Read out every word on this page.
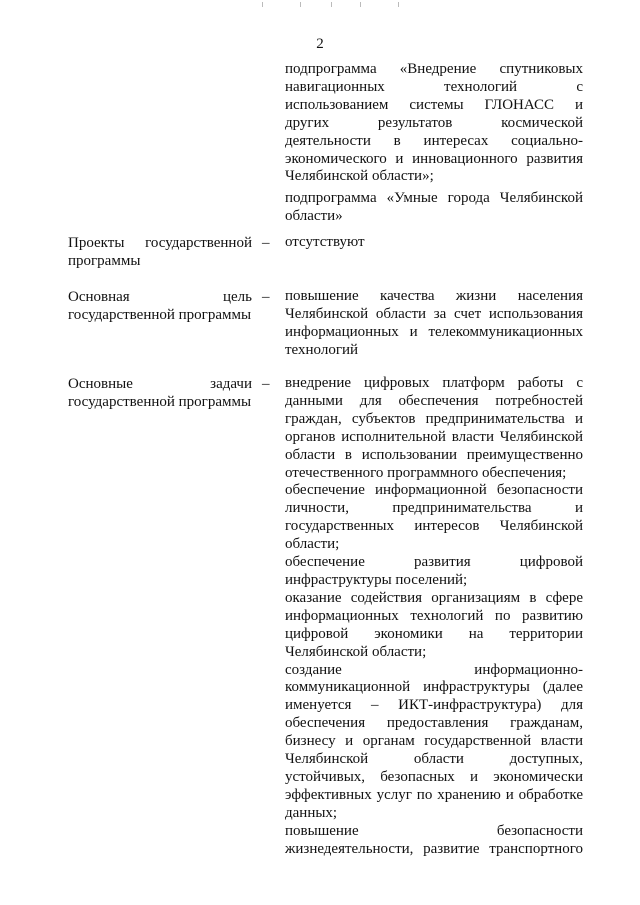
2
подпрограмма «Внедрение спутниковых
навигационных технологий с
использованием системы ГЛОНАСС и
других результатов космической
деятельности в интересах социально-
экономического и инновационного развития
Челябинской области»;
подпрограмма «Умные города Челябинской
области»
Проекты государственной
программы
– отсутствуют
Основная цель
государственной программы
– повышение качества жизни населения
Челябинской области за счет использования
информационных и телекоммуникационных
технологий
Основные задачи
государственной программы
– внедрение цифровых платформ работы с
данными для обеспечения потребностей
граждан, субъектов предпринимательства и
органов исполнительной власти Челябинской
области в использовании преимущественно
отечественного программного обеспечения;
обеспечение информационной безопасности
личности, предпринимательства и
государственных интересов Челябинской
области;
обеспечение развития цифровой
инфраструктуры поселений;
оказание содействия организациям в сфере
информационных технологий по развитию
цифровой экономики на территории
Челябинской области;
создание информационно-
коммуникационной инфраструктуры (далее
именуется – ИКТ-инфраструктура) для
обеспечения предоставления гражданам,
бизнесу и органам государственной власти
Челябинской области доступных,
устойчивых, безопасных и экономически
эффективных услуг по хранению и обработке
данных;
повышение безопасности
жизнедеятельности, развитие транспортного
